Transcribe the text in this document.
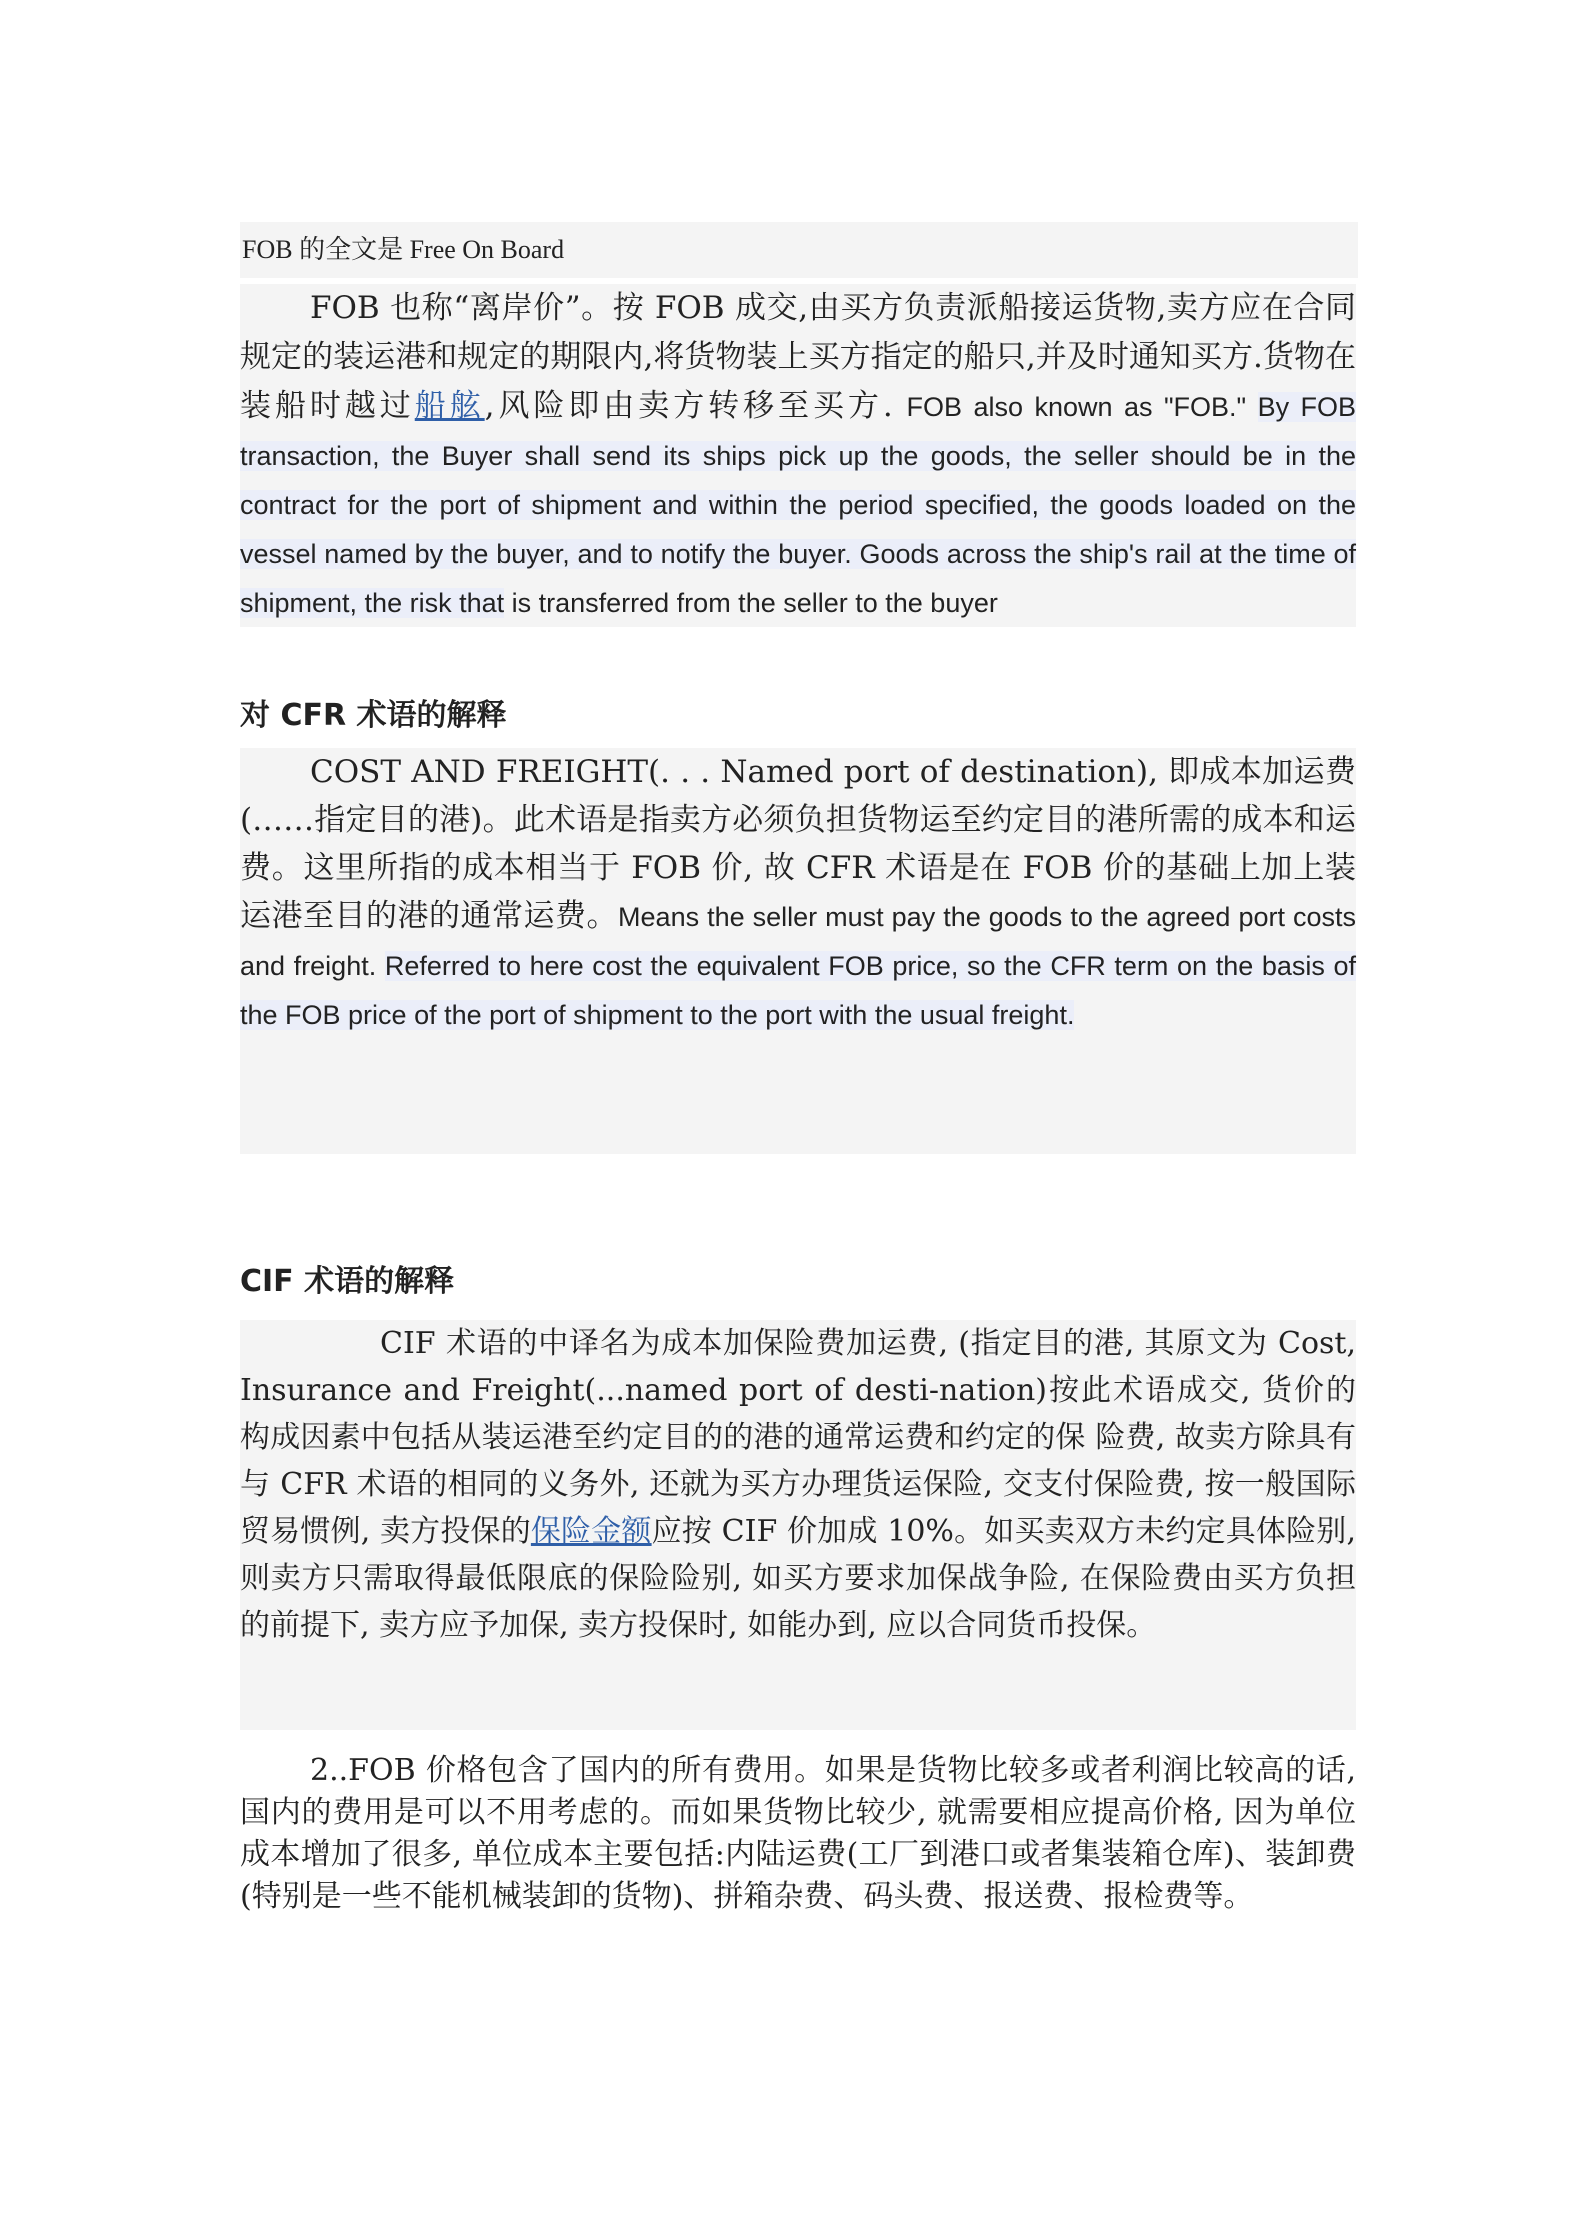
FOB 的全文是 Free On Board
FOB 也称“离岸价”。按 FOB 成交,由买方负责派船接运货物,卖方应在合同规定的装运港和规定的期限内,将货物装上买方指定的船只,并及时通知买方.货物在装船时越过船舷,风险即由卖方转移至买方. FOB also known as "FOB." By FOB transaction, the Buyer shall send its ships pick up the goods, the seller should be in the contract for the port of shipment and within the period specified, the goods loaded on the vessel named by the buyer, and to notify the buyer. Goods across the ship's rail at the time of shipment, the risk that is transferred from the seller to the buyer
对 CFR 术语的解释
COST AND FREIGHT(. . . Named port of destination), 即成本加运费(……指定目的港)。此术语是指卖方必须负担货物运至约定目的港所需的成本和运费。这里所指的成本相当于 FOB 价, 故 CFR 术语是在 FOB 价的基础上加上装运港至目的港的通常运费。Means the seller must pay the goods to the agreed port costs and freight. Referred to here cost the equivalent FOB price, so the CFR term on the basis of the FOB price of the port of shipment to the port with the usual freight.
CIF 术语的解释
CIF 术语的中译名为成本加保险费加运费, (指定目的港, 其原文为 Cost, Insurance and Freight(...named port of desti-nation)按此术语成交, 货价的构成因素中包括从装运港至约定目的的港的通常运费和约定的保 险费, 故卖方除具有与 CFR 术语的相同的义务外, 还就为买方办理货运保险, 交支付保险费, 按一般国际贸易惯例, 卖方投保的保险金额应按 CIF 价加成 10%。如买卖双方未约定具体险别, 则卖方只需取得最低限底的保险险别, 如买方要求加保战争险, 在保险费由买方负担的前提下, 卖方应予加保, 卖方投保时, 如能办到, 应以合同货币投保。
2..FOB 价格包含了国内的所有费用。如果是货物比较多或者利润比较高的话, 国内的费用是可以不用考虑的。而如果货物比较少, 就需要相应提高价格, 因为单位成本增加了很多, 单位成本主要包括:内陆运费(工厂到港口或者集装箱仓库)、装卸费(特别是一些不能机械装卸的货物)、拼箱杂费、码头费、报送费、报检费等。
